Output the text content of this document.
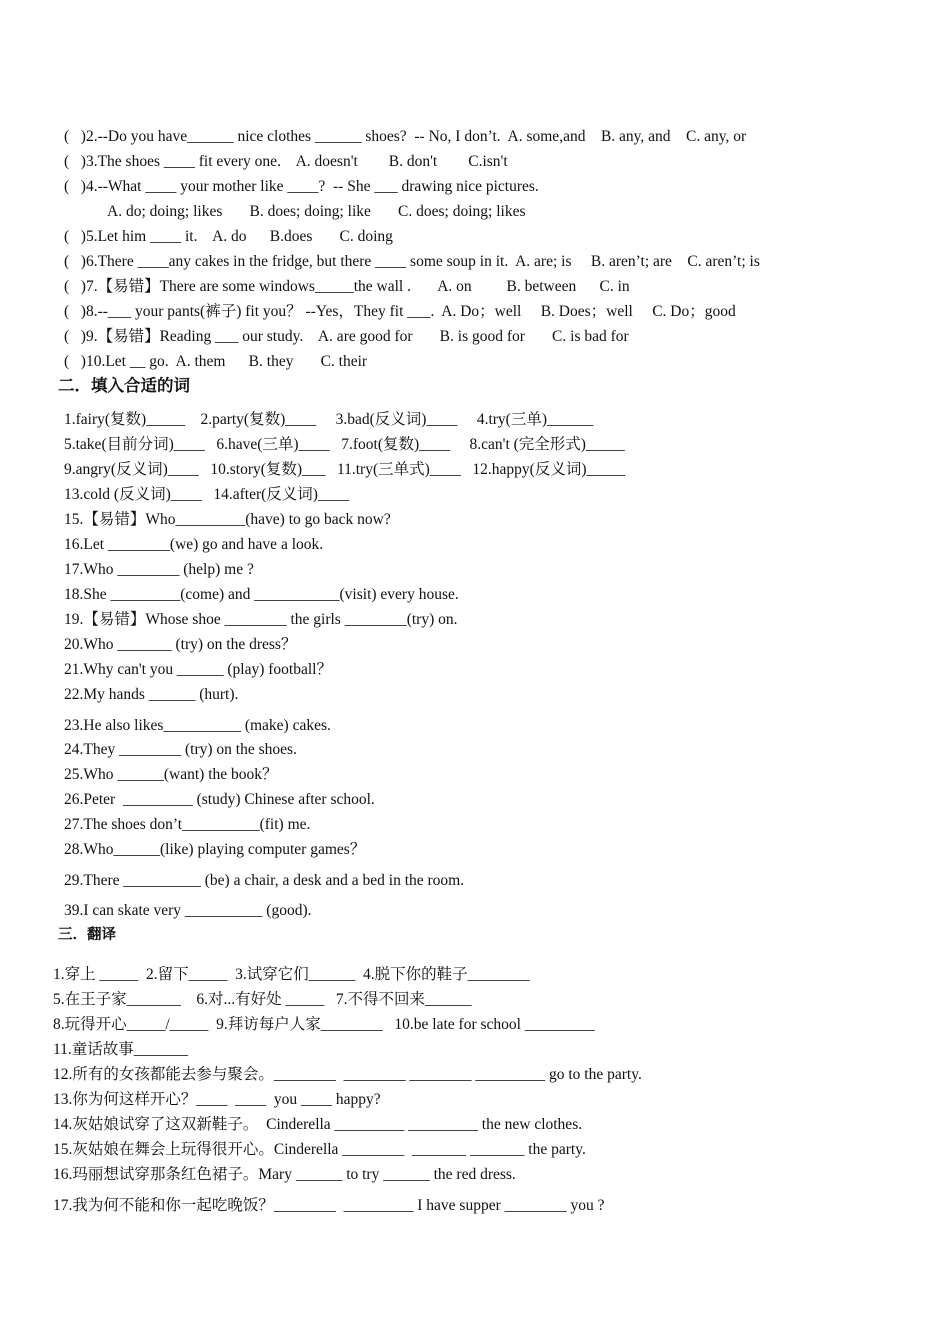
(   )2.--Do you have______ nice clothes ______ shoes?  -- No, I don’t.  A. some,and    B. any, and    C. any, or
(   )3.The shoes ____ fit every one.    A. doesn't        B. don't        C.isn't
(   )4.--What ____ your mother like ____?  -- She ___ drawing nice pictures.
A. do; doing; likes       B. does; doing; like       C. does; doing; likes
(   )5.Let him ____ it.    A. do      B.does       C. doing
(   )6.There ____any cakes in the fridge, but there ____ some soup in it.  A. are; is     B. aren’t; are    C. aren’t; is
(   )7.【易错】There are some windows_____the wall .       A. on         B. between      C. in
(   )8.--___ your pants(裤子) fit you？ --Yes，They fit ___.  A. Do；well     B. Does；well     C. Do；good
(   )9.【易错】Reading ___ our study.    A. are good for       B. is good for       C. is bad for
(   )10.Let __ go.  A. them      B. they       C. their
二．填入合适的词
1.fairy(复数)_____    2.party(复数)____     3.bad(反义词)____     4.try(三单)______
5.take(目前分词)____   6.have(三单)____   7.foot(复数)____     8.can't (完全形式)_____
9.angry(反义词)____   10.story(复数)___   11.try(三单式)____   12.happy(反义词)_____
13.cold (反义词)____   14.after(反义词)____
15.【易错】Who_________(have) to go back now?
16.Let ________(we) go and have a look.
17.Who ________ (help) me ?
18.She _________(come) and ___________(visit) every house.
19.【易错】Whose shoe ________ the girls ________(try) on.
20.Who _______ (try) on the dress？
21.Why can't you ______ (play) football？
22.My hands ______ (hurt).
23.He also likes__________ (make) cakes.
24.They ________ (try) on the shoes.
25.Who ______(want) the book？
26.Peter  _________ (study) Chinese after school.
27.The shoes don’t__________(fit) me.
28.Who______(like) playing computer games？
29.There __________ (be) a chair, a desk and a bed in the room.
39.I can skate very __________ (good).
三．翻译
1.穿上 _____  2.留下_____  3.试穿它们______  4.脱下你的鞋子________
5.在王子家_______    6.对...有好处 _____   7.不得不回来______
8.玩得开心_____/_____  9.拜访每户人家________   10.be late for school _________
11.童话故事_______
12.所有的女孩都能去参与聚会。________  ________ ________ _________ go to the party.
13.你为何这样开心？____  ____  you ____ happy?
14.灰姑娘试穿了这双新鞋子。  Cinderella _________ _________ the new clothes.
15.灰姑娘在舞会上玩得很开心。Cinderella ________  _______ _______ the party.
16.玛丽想试穿那条红色裙子。Mary ______ to try ______ the red dress.
17.我为何不能和你一起吃晚饭？________  _________ I have supper ________ you ?
